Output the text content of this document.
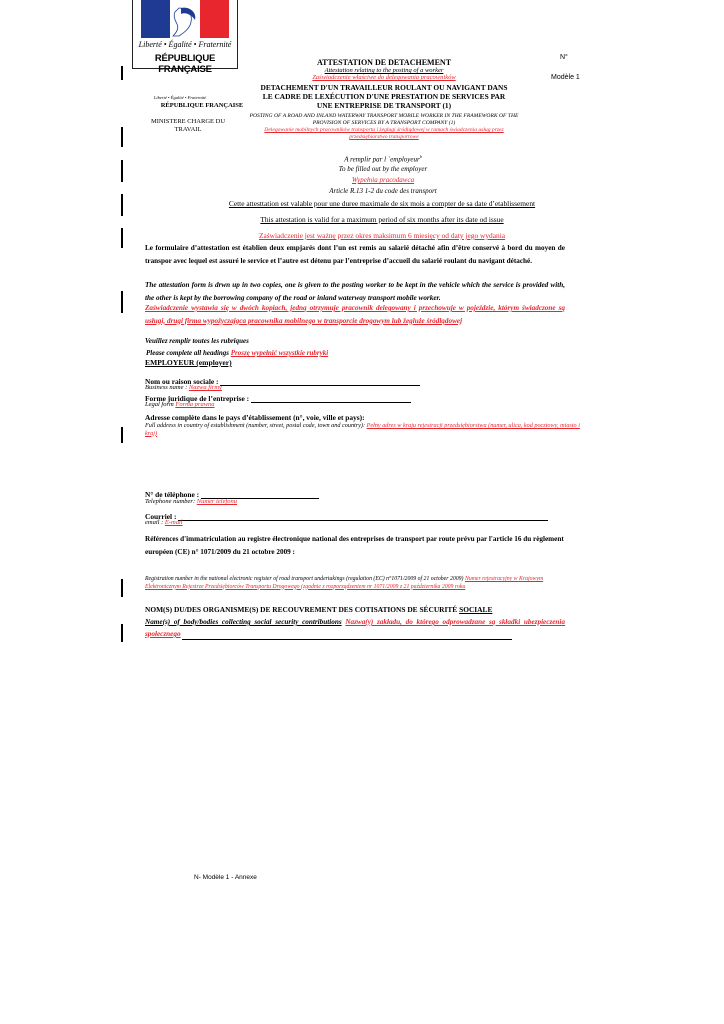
Liberté • Égalité • Fraternité
RÉPUBLIQUE FRANÇAISE
N°
Modèle 1
Liberté • Égalité • Fraternité
RÉPUBLIQUE FRANÇAISE
MINISTERE CHARGE DU TRAVAIL
ATTESTATION DE DETACHEMENT
Attestation relating to the posting of a worker
Zaświadczenie właściwe do delegowania pracowników
DETACHEMENT D'UN TRAVAILLEUR ROULANT OU NAVIGANT DANS LE CADRE DE LEXÉCUTION D'UNE PRESTATION DE SERVICES PAR UNE ENTREPRISE DE TRANSPORT (1)
POSTING OF A ROAD AND INLAND WATERWAY TRANSPORT MOBILE WORKER IN THE FRAMEWORK OF THE PROVISION OF SERVICES BY A TRANSPORT COMPANY (1)
Delegowanie mobilnych pracowników transportu i żeglugi śródlądowej w ramach świadczenia usług przez przedsiębiorstwo transportowe
A remplir par l `employeur$^b$
To be filled out by the employer
Wypełnia pracodawca
Article R.13 1-2 du code des transport
Cette attesttation est valable pour une duree maximale de six mois a compter de sa date d’etablissement
This attestation is valid for a maximum period of six months after its date od issue
Zaświadczenie jest ważnę przez okres maksimum 6 miesięcy od daty jego wydania
Le formulaire d’attestation est établien deux empjarés dont l’un est remis au salarié détaché afin d’être conservé à bord du moyen de transpor avec lequel est assuré le service et l’autre est détenu par l’entreprise d’accueil du salarié roulant du navigant détaché.
The attestation form is drwn up in two copies, one is given to the posting worker to be kept in the vehicle which the service is provided with, the other is kept by the borrowing company of the road or inland waterway transport mobile worker.
Zaświadczenie wystawia się w dwóch kopiach, jedną otrzymuje pracownik delegowany i przechowuje w pojeździe, którym świadczone są usługi, drugi firma wypożyczająca pracownika mobilnego w transporcie drogowym lub żegluże śródlądowej
Veuillez remplir toutes les rubriques
Please complete all headings Proszę wypełnić wszystkie rubryki
EMPLOYEUR (employer)
Nom ou raison sociale :
Business name : Nazwa firmy
Forme juridique de l’entreprise :
Legal form Forma prawna
Adresse complète dans le pays d’établissement (n°, voie, ville et pays):
Full address in country of establishment (number, street, postal code, town and country): Pełny adres w kraju rejestracji przedsiębiorstwa (numer, ulica, kod pocztowy, miasto i kraj)
N° de téléphone :
Telephone number: Numer telefonu
Courriel :
email : E-mail
Références d'immatriculation au registre électronique national des entreprises de transport par route prévu par l'article 16 du règlement européen (CE) n° 1071/2009 du 21 octobre 2009 :
Registration number in the national electronic register of road transport undertakings (regulation (EC) n°1071/2009 of 21 october 2009) Numer rejestracyjny w Krajowym Elektronicznym Rejestrze Przedsiębiorców Transportu Drogowego (zgodnie z rozporządzeniem nr 1071/2009 z 21 października 2009 roku
NOM(S) DU/DES ORGANISME(S) DE RECOUVREMENT DES COTISATIONS DE SÉCURITÉ SOCIALE
Name(s) of body/bodies collecting social security contributions Nazwa(y) zakładu, do którego odprowadzane są składki ubezpieczenia społecznego
N- Modèle 1 - Annexe
